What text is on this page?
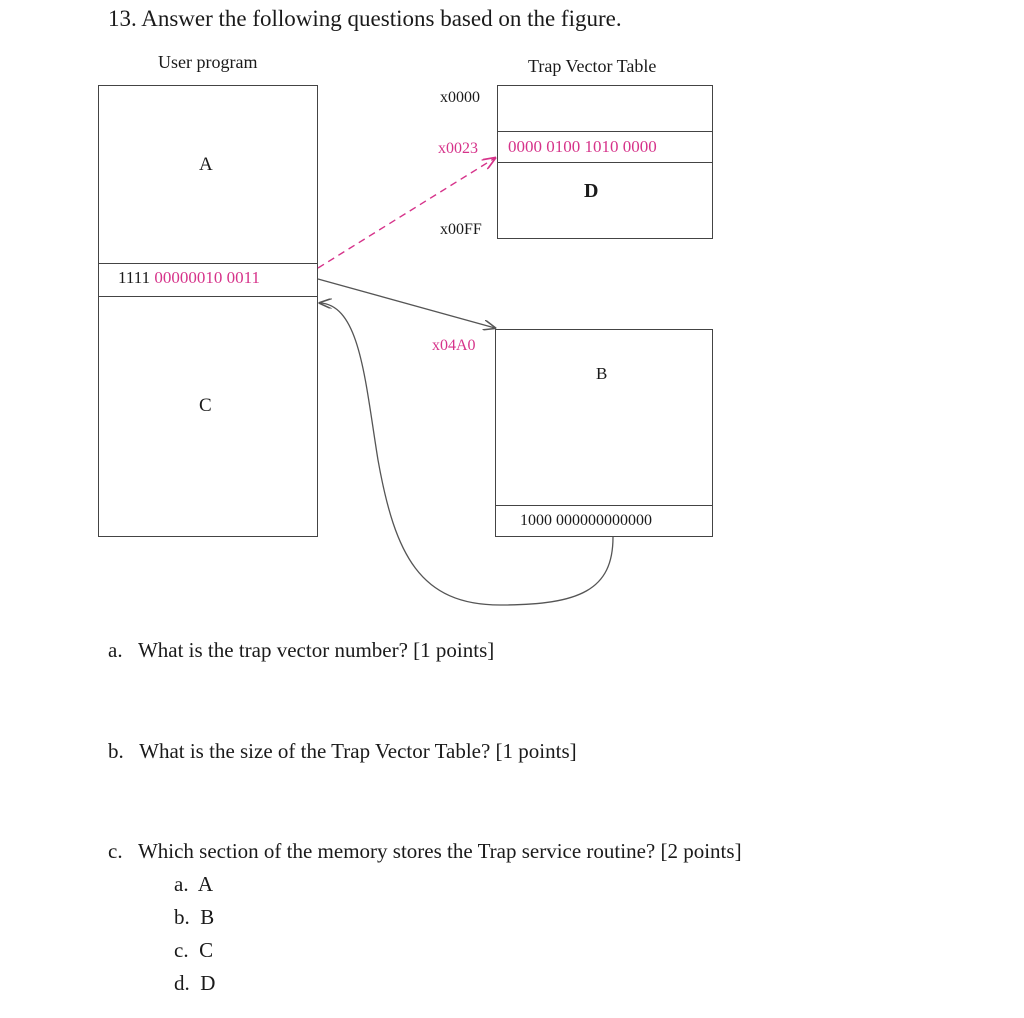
13. Answer the following questions based on the figure.
User program	Trap Vector Table
1111 00000010 0011
A
C
0000 0100 1010 0000
D
x0000
x0023
x00FF
1000 000000000000
B
x04A0
a. What is the trap vector number? [1 points]
b. What is the size of the Trap Vector Table? [1 points]
c. Which section of the memory stores the Trap service routine? [2 points]
a. A
b. B
c. C
d. D
